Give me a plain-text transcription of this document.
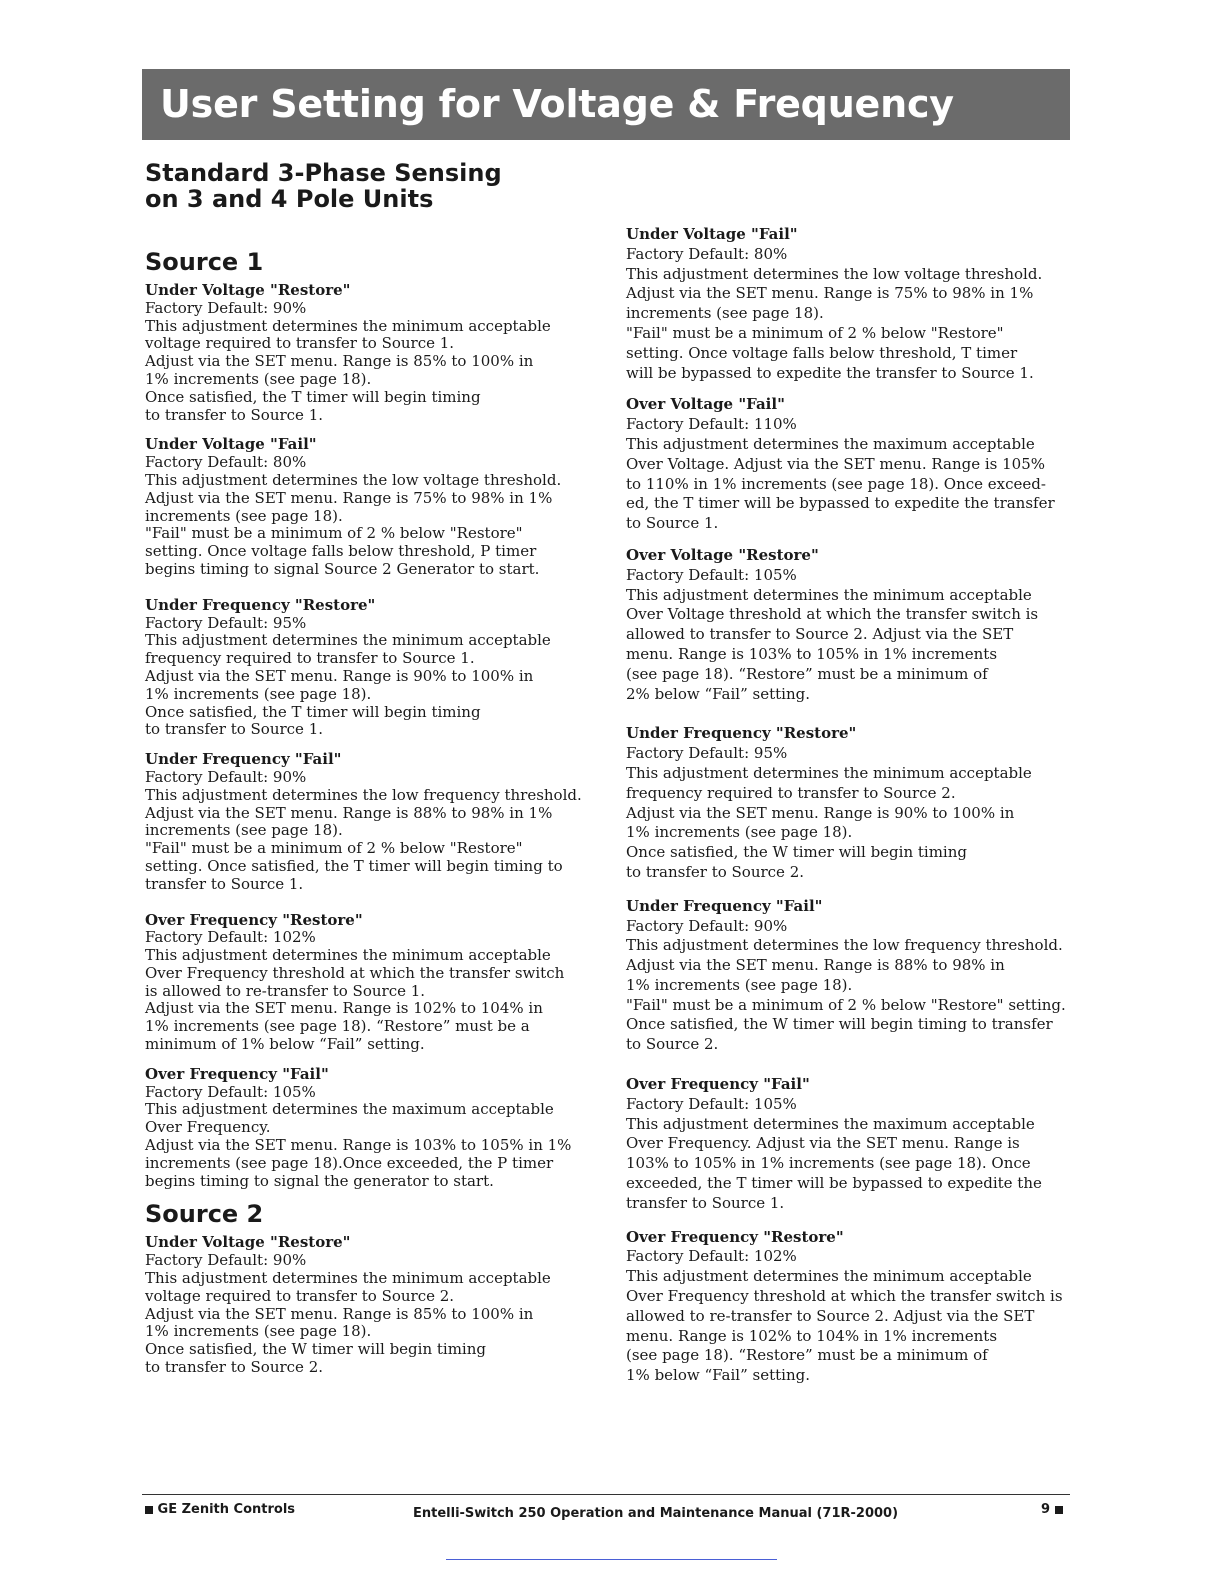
User Setting for Voltage & Frequency

Standard 3-Phase Sensing

on 3 and 4 Pole Units

Source 1

Under Voltage "Restore"

Factory Default: 90%

This adjustment determines the minimum acceptable

voltage required to transfer to Source 1.

Adjust via the SET menu. Range is 85% to 100% in

1% increments (see page 18).

Once satisfied, the T timer will begin timing

to transfer to Source 1.

Under Voltage "Fail"

Factory Default: 80%

This adjustment determines the low voltage threshold.

Adjust via the SET menu. Range is 75% to 98% in 1%

increments (see page 18).

"Fail" must be a minimum of 2 % below "Restore"

setting. Once voltage falls below threshold, P timer

begins timing to signal Source 2 Generator to start.

Under Frequency "Restore"

Factory Default: 95%

This adjustment determines the minimum acceptable

frequency required to transfer to Source 1.

Adjust via the SET menu. Range is 90% to 100% in

1% increments (see page 18).

Once satisfied, the T timer will begin timing

to transfer to Source 1.

Under Frequency "Fail"

Factory Default: 90%

This adjustment determines the low frequency threshold.

Adjust via the SET menu. Range is 88% to 98% in 1%

increments (see page 18).

"Fail" must be a minimum of 2 % below "Restore"

setting. Once satisfied, the T timer will begin timing to

transfer to Source 1.

Over Frequency "Restore"

Factory Default: 102%

This adjustment determines the minimum acceptable

Over Frequency threshold at which the transfer switch

is allowed to re-transfer to Source 1.

Adjust via the SET menu. Range is 102% to 104% in

1% increments (see page 18). “Restore” must be a

minimum of 1% below “Fail” setting.

Over Frequency "Fail"

Factory Default: 105%

This adjustment determines the maximum acceptable

Over Frequency.

Adjust via the SET menu. Range is 103% to 105% in 1%

increments (see page 18).Once exceeded, the P timer

begins timing to signal the generator to start.

Source 2

Under Voltage "Restore"

Factory Default: 90%

This adjustment determines the minimum acceptable

voltage required to transfer to Source 2.

Adjust via the SET menu. Range is 85% to 100% in

1% increments (see page 18).

Once satisfied, the W timer will begin timing

to transfer to Source 2.

Under Voltage "Fail"

Factory Default: 80%

This adjustment determines the low voltage threshold.

Adjust via the SET menu. Range is 75% to 98% in 1%

increments (see page 18).

"Fail" must be a minimum of 2 % below "Restore"

setting. Once voltage falls below threshold, T timer

will be bypassed to expedite the transfer to Source 1.

Over Voltage "Fail"

Factory Default: 110%

This adjustment determines the maximum acceptable

Over Voltage. Adjust via the SET menu. Range is 105%

to 110% in 1% increments (see page 18). Once exceed-

ed, the T timer will be bypassed to expedite the transfer

to Source 1.

Over Voltage "Restore"

Factory Default: 105%

This adjustment determines the minimum acceptable

Over Voltage threshold at which the transfer switch is

allowed to transfer to Source 2. Adjust via the SET

menu. Range is 103% to 105% in 1% increments

(see page 18). “Restore” must be a minimum of

2% below “Fail” setting.

Under Frequency "Restore"

Factory Default: 95%

This adjustment determines the minimum acceptable

frequency required to transfer to Source 2.

Adjust via the SET menu. Range is 90% to 100% in

1% increments (see page 18).

Once satisfied, the W timer will begin timing

to transfer to Source 2.

Under Frequency "Fail"

Factory Default: 90%

This adjustment determines the low frequency threshold.

Adjust via the SET menu. Range is 88% to 98% in

1% increments (see page 18).

"Fail" must be a minimum of 2 % below "Restore" setting.

Once satisfied, the W timer will begin timing to transfer

to Source 2.

Over Frequency "Fail"

Factory Default: 105%

This adjustment determines the maximum acceptable

Over Frequency. Adjust via the SET menu. Range is

103% to 105% in 1% increments (see page 18). Once

exceeded, the T timer will be bypassed to expedite the

transfer to Source 1.

Over Frequency "Restore"

Factory Default: 102%

This adjustment determines the minimum acceptable

Over Frequency threshold at which the transfer switch is

allowed to re-transfer to Source 2. Adjust via the SET

menu. Range is 102% to 104% in 1% increments

(see page 18). “Restore” must be a minimum of

1% below “Fail” setting.

GE Zenith Controls	Entelli-Switch 250 Operation and Maintenance Manual (71R-2000)	9
